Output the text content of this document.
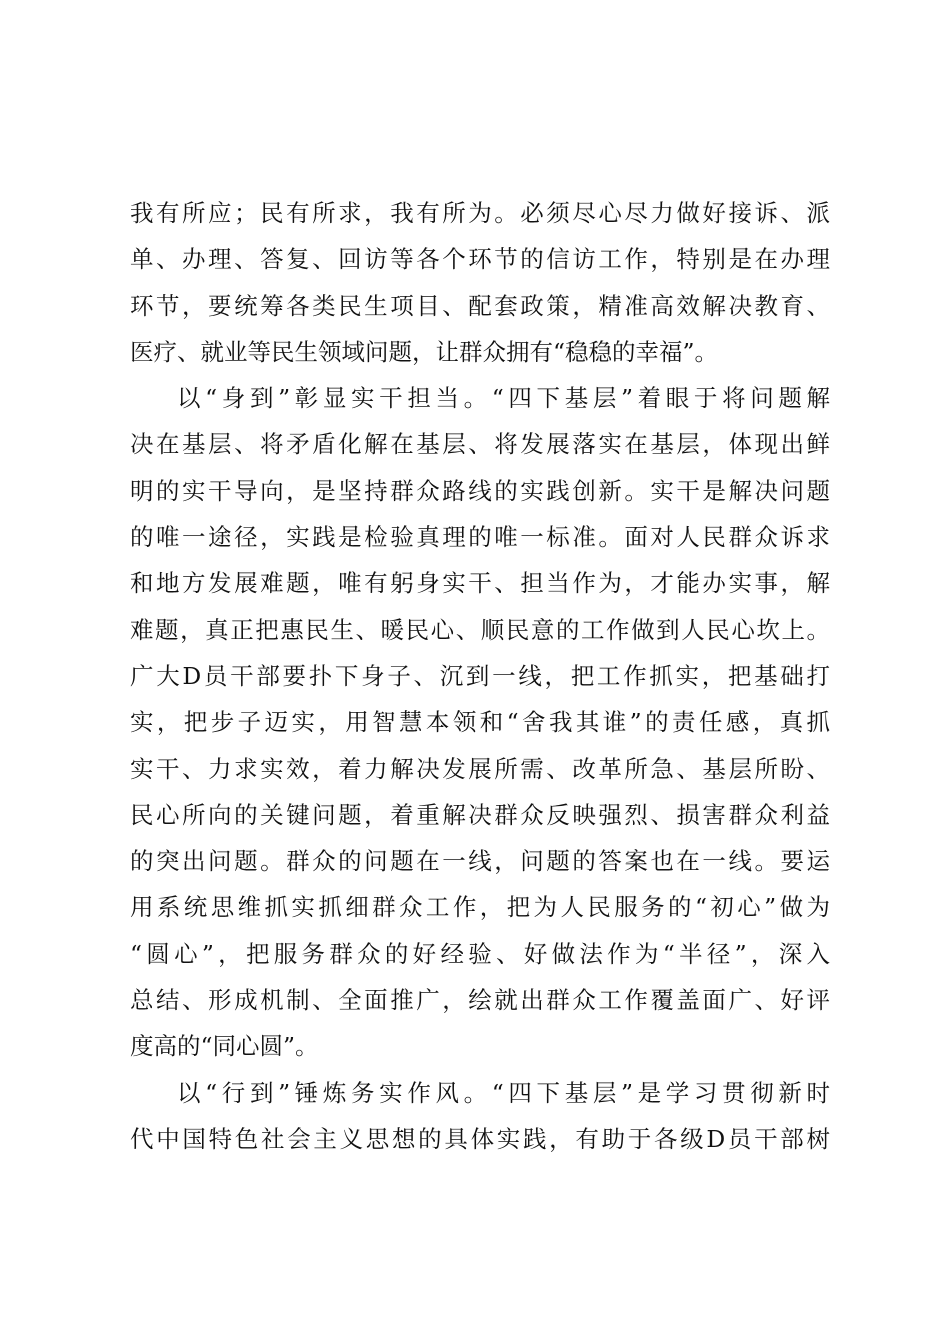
我有所应；民有所求，我有所为。必须尽心尽力做好接诉、派
单、办理、答复、回访等各个环节的信访工作，特别是在办理
环节，要统筹各类民生项目、配套政策，精准高效解决教育、
医疗、就业等民生领域问题，让群众拥有“稳稳的幸福”。
以“身到”彰显实干担当。“四下基层”着眼于将问题解
决在基层、将矛盾化解在基层、将发展落实在基层，体现出鲜
明的实干导向，是坚持群众路线的实践创新。实干是解决问题
的唯一途径，实践是检验真理的唯一标准。面对人民群众诉求
和地方发展难题，唯有躬身实干、担当作为，才能办实事，解
难题，真正把惠民生、暖民心、顺民意的工作做到人民心坎上。
广大D员干部要扑下身子、沉到一线，把工作抓实，把基础打
实，把步子迈实，用智慧本领和“舍我其谁”的责任感，真抓
实干、力求实效，着力解决发展所需、改革所急、基层所盼、
民心所向的关键问题，着重解决群众反映强烈、损害群众利益
的突出问题。群众的问题在一线，问题的答案也在一线。要运
用系统思维抓实抓细群众工作，把为人民服务的“初心”做为
“圆心”，把服务群众的好经验、好做法作为“半径”，深入
总结、形成机制、全面推广，绘就出群众工作覆盖面广、好评
度高的“同心圆”。
以“行到”锤炼务实作风。“四下基层”是学习贯彻新时
代中国特色社会主义思想的具体实践，有助于各级D员干部树
